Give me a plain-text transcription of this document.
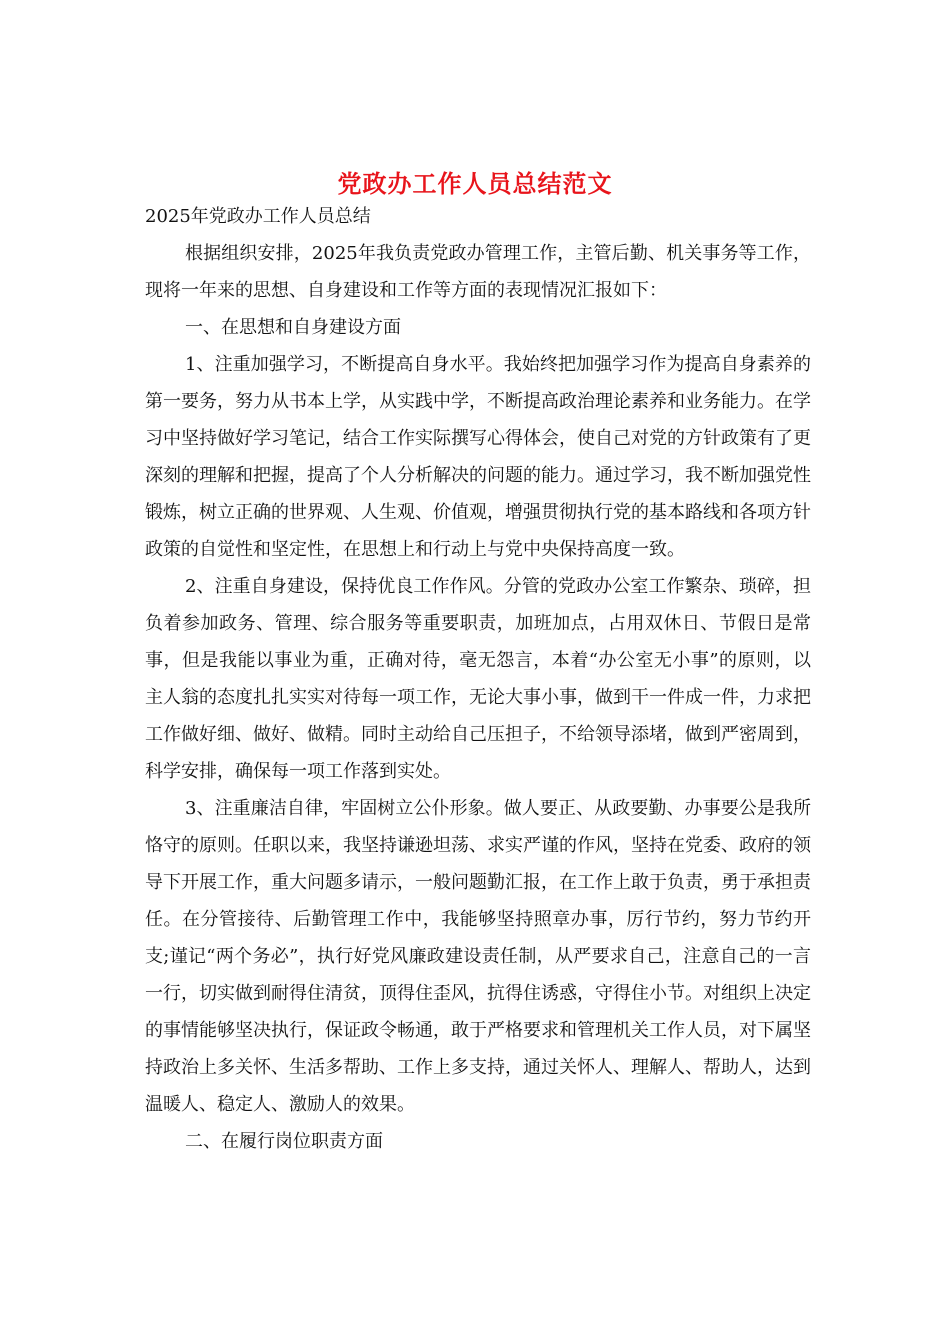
党政办工作人员总结范文

2025年党政办工作人员总结

根据组织安排，2025年我负责党政办管理工作，主管后勤、机关事务等工作，现将一年来的思想、自身建设和工作等方面的表现情况汇报如下：

一、在思想和自身建设方面

1、注重加强学习，不断提高自身水平。我始终把加强学习作为提高自身素养的第一要务，努力从书本上学，从实践中学，不断提高政治理论素养和业务能力。在学习中坚持做好学习笔记，结合工作实际撰写心得体会，使自己对党的方针政策有了更深刻的理解和把握，提高了个人分析解决的问题的能力。通过学习，我不断加强党性锻炼，树立正确的世界观、人生观、价值观，增强贯彻执行党的基本路线和各项方针政策的自觉性和坚定性，在思想上和行动上与党中央保持高度一致。

2、注重自身建设，保持优良工作作风。分管的党政办公室工作繁杂、琐碎，担负着参加政务、管理、综合服务等重要职责，加班加点，占用双休日、节假日是常事，但是我能以事业为重，正确对待，毫无怨言，本着“办公室无小事”的原则，以主人翁的态度扎扎实实对待每一项工作，无论大事小事，做到干一件成一件，力求把工作做好细、做好、做精。同时主动给自己压担子，不给领导添堵，做到严密周到，科学安排，确保每一项工作落到实处。

3、注重廉洁自律，牢固树立公仆形象。做人要正、从政要勤、办事要公是我所恪守的原则。任职以来，我坚持谦逊坦荡、求实严谨的作风，坚持在党委、政府的领导下开展工作，重大问题多请示，一般问题勤汇报，在工作上敢于负责，勇于承担责任。在分管接待、后勤管理工作中，我能够坚持照章办事，厉行节约，努力节约开支;谨记“两个务必”，执行好党风廉政建设责任制，从严要求自己，注意自己的一言一行，切实做到耐得住清贫，顶得住歪风，抗得住诱惑，守得住小节。对组织上决定的事情能够坚决执行，保证政令畅通，敢于严格要求和管理机关工作人员，对下属坚持政治上多关怀、生活多帮助、工作上多支持，通过关怀人、理解人、帮助人，达到温暖人、稳定人、激励人的效果。

二、在履行岗位职责方面
